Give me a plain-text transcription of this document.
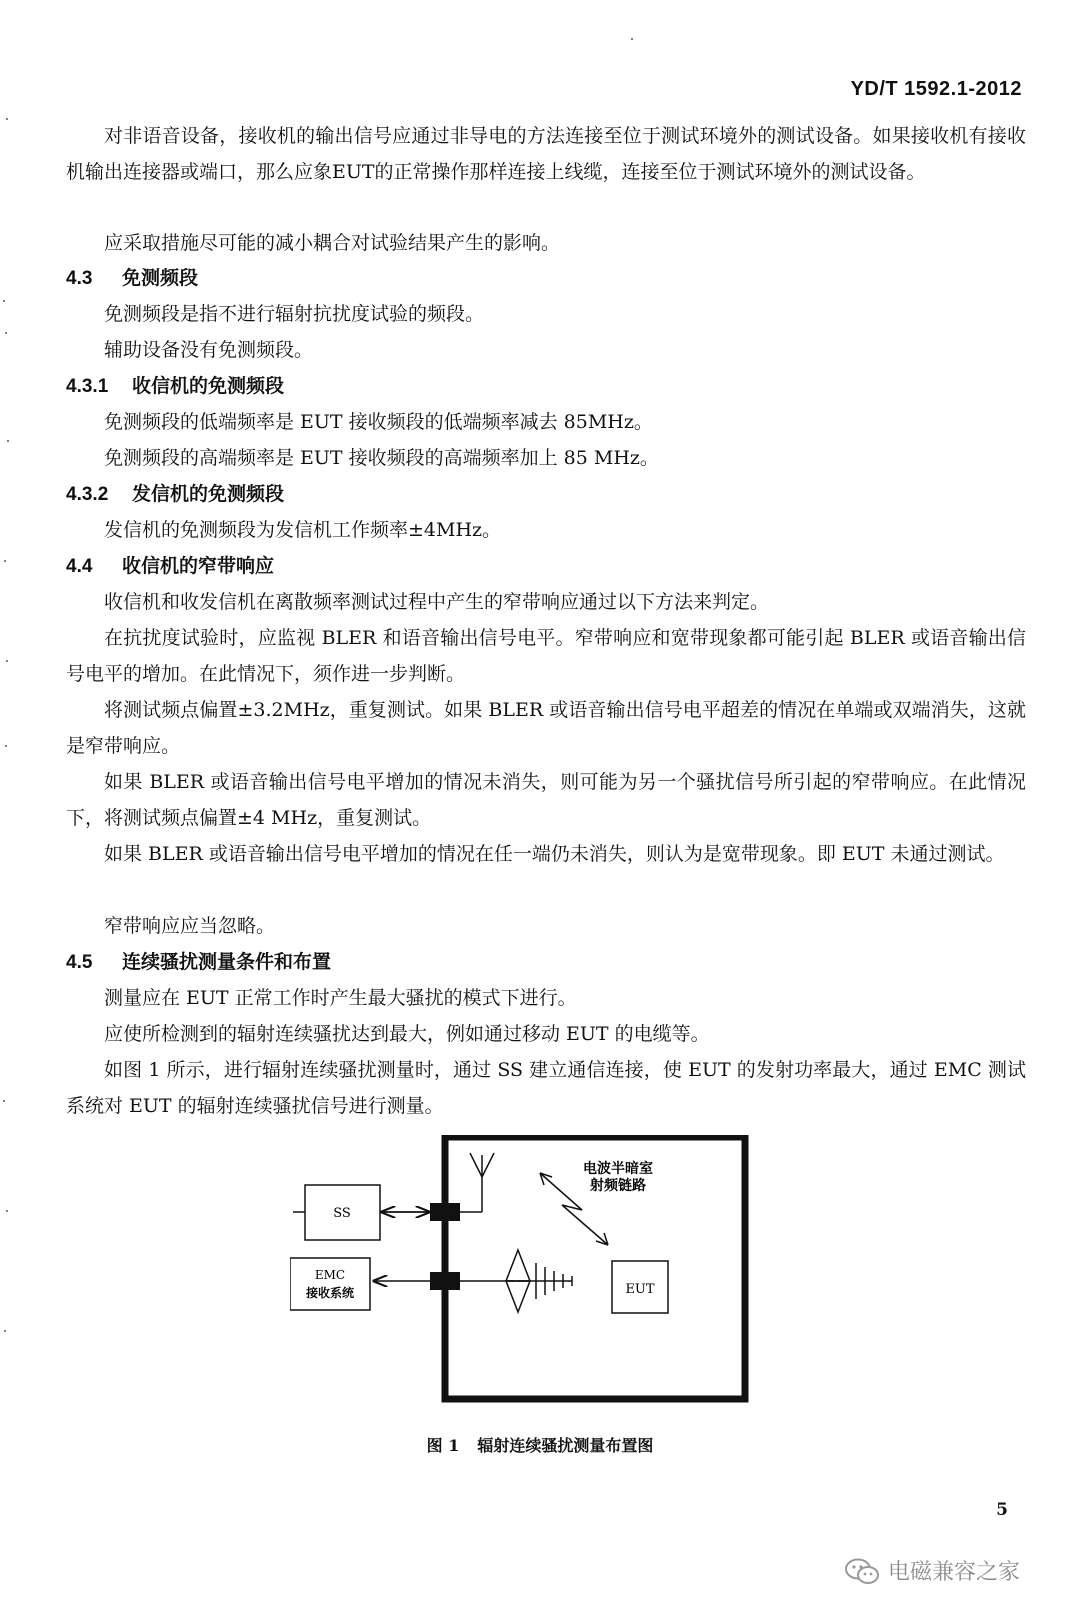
YD/T 1592.1-2012
对非语音设备，接收机的输出信号应通过非导电的方法连接至位于测试环境外的测试设备。如果接收机有接收机输出连接器或端口，那么应象EUT的正常操作那样连接上线缆，连接至位于测试环境外的测试设备。
应采取措施尽可能的减小耦合对试验结果产生的影响。
4.3 免测频段
免测频段是指不进行辐射抗扰度试验的频段。
辅助设备没有免测频段。
4.3.1 收信机的免测频段
免测频段的低端频率是 EUT 接收频段的低端频率减去 85MHz。
免测频段的高端频率是 EUT 接收频段的高端频率加上 85 MHz。
4.3.2 发信机的免测频段
发信机的免测频段为发信机工作频率±4MHz。
4.4 收信机的窄带响应
收信机和收发信机在离散频率测试过程中产生的窄带响应通过以下方法来判定。
在抗扰度试验时，应监视 BLER 和语音输出信号电平。窄带响应和宽带现象都可能引起 BLER 或语音输出信号电平的增加。在此情况下，须作进一步判断。
将测试频点偏置±3.2MHz，重复测试。如果 BLER 或语音输出信号电平超差的情况在单端或双端消失，这就是窄带响应。
如果 BLER 或语音输出信号电平增加的情况未消失，则可能为另一个骚扰信号所引起的窄带响应。在此情况下，将测试频点偏置±4 MHz，重复测试。
如果 BLER 或语音输出信号电平增加的情况在任一端仍未消失，则认为是宽带现象。即 EUT 未通过测试。
窄带响应应当忽略。
4.5 连续骚扰测量条件和布置
测量应在 EUT 正常工作时产生最大骚扰的模式下进行。
应使所检测到的辐射连续骚扰达到最大，例如通过移动 EUT 的电缆等。
如图 1 所示，进行辐射连续骚扰测量时，通过 SS 建立通信连接，使 EUT 的发射功率最大，通过 EMC 测试系统对 EUT 的辐射连续骚扰信号进行测量。
电波半暗室
SS
射频链路
EUT
EMC
接收系统
图 1 辐射连续骚扰测量布置图
5
电磁兼容之家
